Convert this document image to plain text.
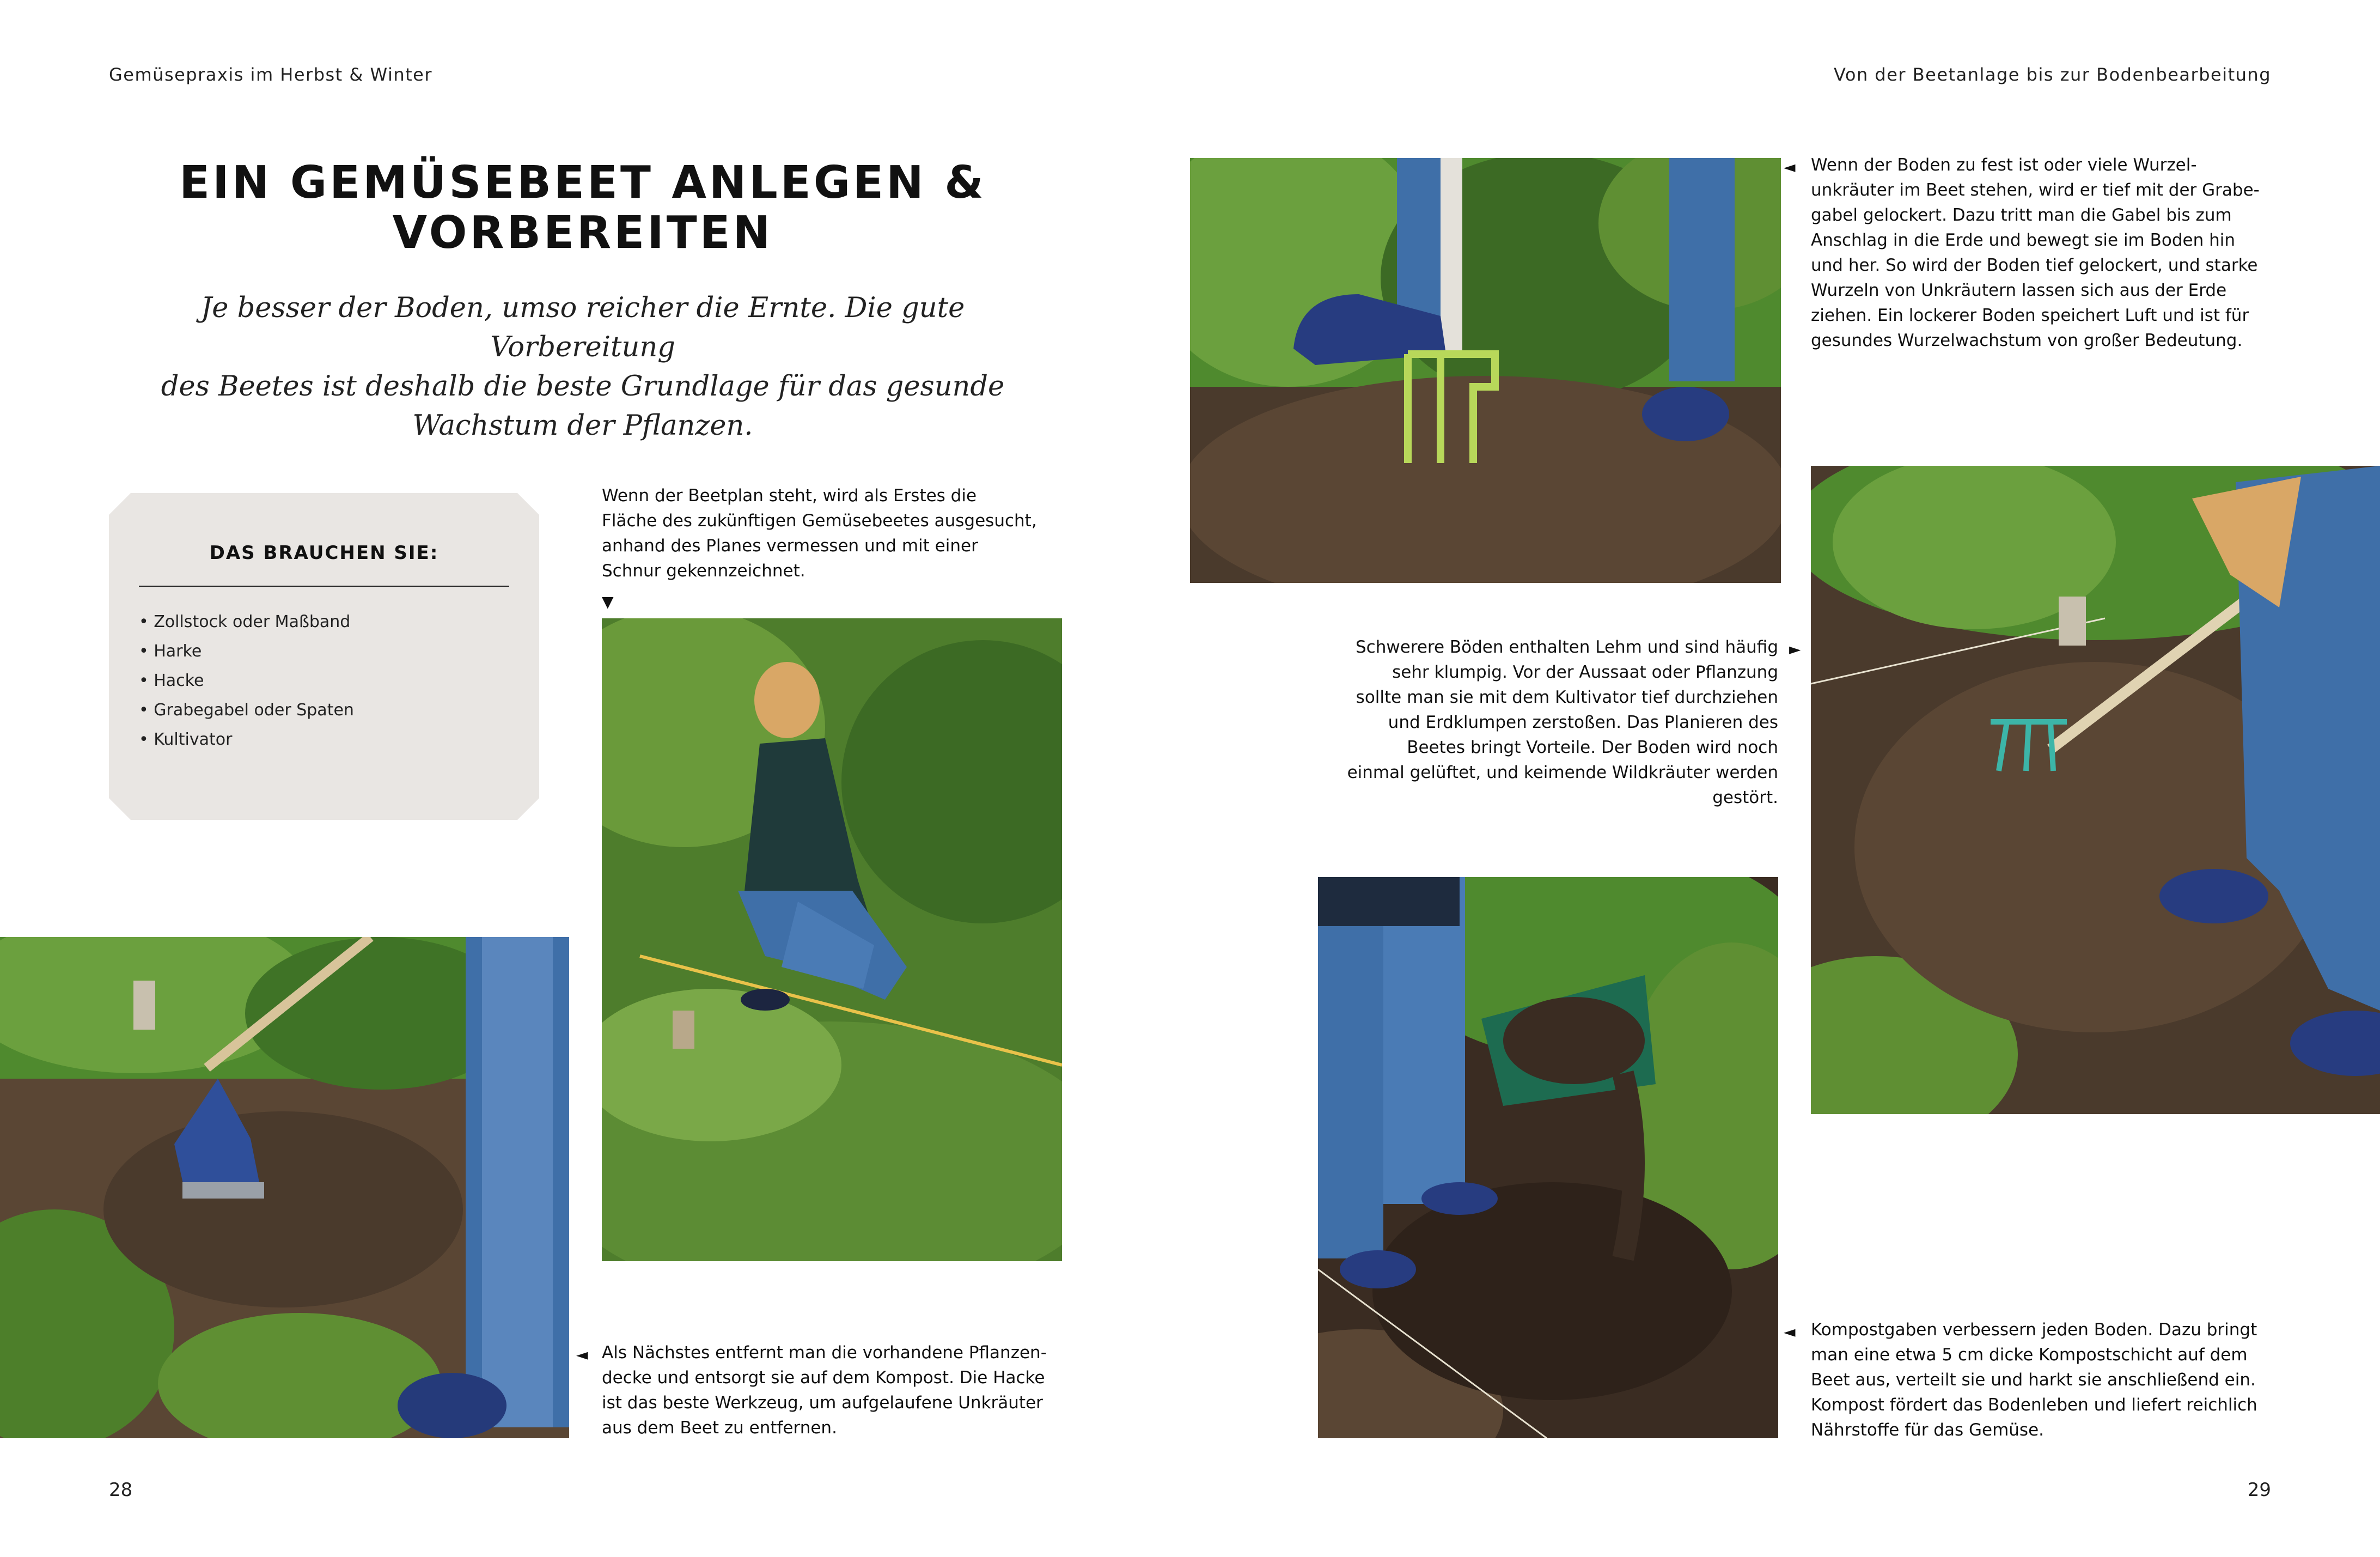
Gemüsepraxis im Herbst & Winter	Von der Beetanlage bis zur Bodenbearbeitung
EIN GEMÜSEBEET ANLEGEN &
VORBEREITEN
Je besser der Boden, umso reicher die Ernte. Die gute Vorbereitung
des Beetes ist deshalb die beste Grundlage für das gesunde
Wachstum der Pflanzen.
DAS BRAUCHEN SIE:
• Zollstock oder Maßband
• Harke
• Hacke
• Grabegabel oder Spaten
• Kultivator
Wenn der Beetplan steht, wird als Erstes die
Fläche des zukünftigen Gemüsebeetes ausgesucht,
anhand des Planes vermessen und mit einer
Schnur gekennzeichnet.
▼
◄ Als Nächstes entfernt man die vorhandene Pflanzen-
decke und entsorgt sie auf dem Kompost. Die Hacke
ist das beste Werkzeug, um aufgelaufene Unkräuter
aus dem Beet zu entfernen.
◄ Wenn der Boden zu fest ist oder viele Wurzel-
unkräuter im Beet stehen, wird er tief mit der Grabe-
gabel gelockert. Dazu tritt man die Gabel bis zum
Anschlag in die Erde und bewegt sie im Boden hin
und her. So wird der Boden tief gelockert, und starke
Wurzeln von Unkräutern lassen sich aus der Erde
ziehen. Ein lockerer Boden speichert Luft und ist für
gesundes Wurzelwachstum von großer Bedeutung.
Schwerere Böden enthalten Lehm und sind häufig
sehr klumpig. Vor der Aussaat oder Pflanzung
sollte man sie mit dem Kultivator tief durchziehen
und Erdklumpen zerstoßen. Das Planieren des
Beetes bringt Vorteile. Der Boden wird noch
einmal gelüftet, und keimende Wildkräuter werden
gestört.
►
◄ Kompostgaben verbessern jeden Boden. Dazu bringt
man eine etwa 5 cm dicke Kompostschicht auf dem
Beet aus, verteilt sie und harkt sie anschließend ein.
Kompost fördert das Bodenleben und liefert reichlich
Nährstoffe für das Gemüse.
28	29
